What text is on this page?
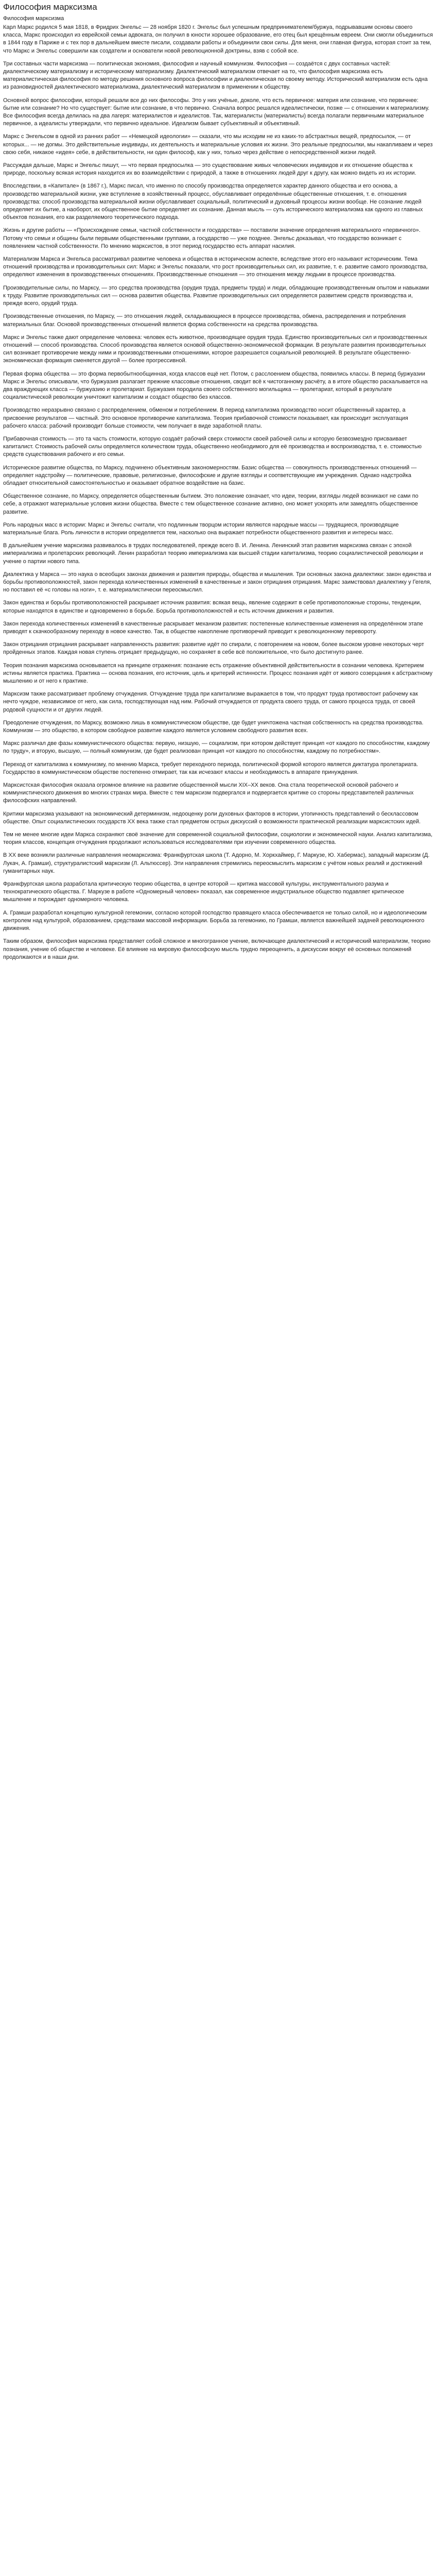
Философия марксизма
Философия марксизма

Карл Маркс родился 5 мая 1818, в Фридрих Энгельс — 28 ноября 1820 г. Энгельс был успешным предпринимателем/буржуа, подрывавшим основы своего класса, Маркс происходил из еврейской семьи адвоката, он получил в юности хорошее образование, его отец был крещённым евреем. Они смогли объединиться в 1844 году в Париже и с тех пор в дальнейшем вместе писали, создавали работы и объединили свои силы. Для меня, они главная фигура, которая стоит за тем, что Маркс и Энгельс совершили как создатели и основатели новой революционной доктрины, взяв с собой все.

Три составных части марксизма — политическая экономия, философия и научный коммунизм. Философия — создаётся с двух составных частей: диалектическому материализму и историческому материализму. Диалектический материализм отвечает на то, что философия марксизма есть материалистическая философия по методу решения основного вопроса философии и диалектическая по своему методу. Исторический материализм есть одна из разновидностей диалектического материализма, диалектический материализм в применении к обществу.

Основной вопрос философии, который решали все до них философы. Это у них учёные, доколе, что есть первичное: материя или сознание, что первичнее: бытие или сознание? Но что существует: бытие или сознание, в что первично. Сначала вопрос решался идеалистически, позже — с отношении к материализму. Все философия всегда делилась на два лагеря: материалистов и идеалистов. Так, материалисты (материалисты) всегда полагали первичными материальное первичное, а идеалисты утверждали, что первично идеальное. Идеализм бывает субъективный и объективный.

Маркс с Энгельсом в одной из ранних работ — «Немецкой идеологии» — сказали, что мы исходим не из каких-то абстрактных вещей, предпосылок, — от которых... — не догмы. Это действительные индивиды, их деятельность и материальные условия их жизни. Это реальные предпосылки, мы накапливаем и через свою себя, никакое «идея» себе, в действительности, ни один философ, как у них, только через действие о непосредственной жизни людей.

Рассуждая дальше, Маркс и Энгельс пишут, — что первая предпосылка — это существование живых человеческих индивидов и их отношение общества к природе, поскольку всякая история находится их во взаимодействии с природой, а также в отношениях людей друг к другу, как можно видеть из их истории.

Впоследствии, в «Капитале» (в 1867 г.), Маркс писал, что именно по способу производства определяется характер данного общества и его основа, а производство материальной жизни, уже вступление в хозяйственный процесс, обуславливает определённые общественные отношения, т. е. отношения производства: способ производства материальной жизни обуславливает социальный, политический и духовный процессы жизни вообще. Не сознание людей определяет их бытие, а наоборот, их общественное бытие определяет их сознание. Данная мысль — суть исторического материализма как одного из главных объектов познания, его как разделяемого теоретического подхода.

Жизнь и другие работы — «Происхождение семьи, частной собственности и государства» — поставили значение определения материального «первичного». Потому что семьи и общины были первыми общественными группами, а государство — уже позднее. Энгельс доказывал, что государство возникает с появлением частной собственности. По мнению марксистов, в этот период государство есть аппарат насилия.

Материализм Маркса и Энгельса рассматривал развитие человека и общества в историческом аспекте, вследствие этого его называют историческим. Тема отношений производства и производительных сил: Маркс и Энгельс показали, что рост производительных сил, их развитие, т. е. развитие самого производства, определяют изменения в производственных отношениях. Производственные отношения — это отношения между людьми в процессе производства.

Производительные силы, по Марксу, — это средства производства (орудия труда, предметы труда) и люди, обладающие производственным опытом и навыками к труду. Развитие производительных сил — основа развития общества. Развитие производительных сил определяется развитием средств производства и, прежде всего, орудий труда.

Производственные отношения, по Марксу, — это отношения людей, складывающиеся в процессе производства, обмена, распределения и потребления материальных благ. Основой производственных отношений является форма собственности на средства производства.

Маркс и Энгельс также дают определение человека: человек есть животное, производящее орудия труда. Единство производительных сил и производственных отношений — способ производства. Способ производства является основой общественно-экономической формации. В результате развития производительных сил возникает противоречие между ними и производственными отношениями, которое разрешается социальной революцией. В результате общественно-экономическая формация сменяется другой — более прогрессивной.

Первая форма общества — это форма первобытнообщинная, когда классов ещё нет. Потом, с расслоением общества, появились классы. В период буржуазии Маркс и Энгельс описывали, что буржуазия разлагает прежние классовые отношения, сводит всё к чистоганному расчёту, а в итоге общество раскалывается на два враждующих класса — буржуазию и пролетариат. Буржуазия породила своего собственного могильщика — пролетариат, который в результате социалистической революции уничтожит капитализм и создаст общество без классов.

Производство неразрывно связано с распределением, обменом и потреблением. В период капитализма производство носит общественный характер, а присвоение результатов — частный. Это основное противоречие капитализма. Теория прибавочной стоимости показывает, как происходит эксплуатация рабочего класса: рабочий производит больше стоимости, чем получает в виде заработной платы.

Прибавочная стоимость — это та часть стоимости, которую создаёт рабочий сверх стоимости своей рабочей силы и которую безвозмездно присваивает капиталист. Стоимость рабочей силы определяется количеством труда, общественно необходимого для её производства и воспроизводства, т. е. стоимостью средств существования рабочего и его семьи.

Историческое развитие общества, по Марксу, подчинено объективным закономерностям. Базис общества — совокупность производственных отношений — определяет надстройку — политические, правовые, религиозные, философские и другие взгляды и соответствующие им учреждения. Однако надстройка обладает относительной самостоятельностью и оказывает обратное воздействие на базис.

Общественное сознание, по Марксу, определяется общественным бытием. Это положение означает, что идеи, теории, взгляды людей возникают не сами по себе, а отражают материальные условия жизни общества. Вместе с тем общественное сознание активно, оно может ускорять или замедлять общественное развитие.

Роль народных масс в истории: Маркс и Энгельс считали, что подлинным творцом истории являются народные массы — трудящиеся, производящие материальные блага. Роль личности в истории определяется тем, насколько она выражает потребности общественного развития и интересы масс.

В дальнейшем учение марксизма развивалось в трудах последователей, прежде всего В. И. Ленина. Ленинский этап развития марксизма связан с эпохой империализма и пролетарских революций. Ленин разработал теорию империализма как высшей стадии капитализма, теорию социалистической революции и учение о партии нового типа.

Диалектика у Маркса — это наука о всеобщих законах движения и развития природы, общества и мышления. Три основных закона диалектики: закон единства и борьбы противоположностей, закон перехода количественных изменений в качественные и закон отрицания отрицания. Маркс заимствовал диалектику у Гегеля, но поставил её «с головы на ноги», т. е. материалистически переосмыслил.

Закон единства и борьбы противоположностей раскрывает источник развития: всякая вещь, явление содержит в себе противоположные стороны, тенденции, которые находятся в единстве и одновременно в борьбе. Борьба противоположностей и есть источник движения и развития.

Закон перехода количественных изменений в качественные раскрывает механизм развития: постепенные количественные изменения на определённом этапе приводят к скачкообразному переходу в новое качество. Так, в обществе накопление противоречий приводит к революционному перевороту.

Закон отрицания отрицания раскрывает направленность развития: развитие идёт по спирали, с повторением на новом, более высоком уровне некоторых черт пройденных этапов. Каждая новая ступень отрицает предыдущую, но сохраняет в себе всё положительное, что было достигнуто ранее.

Теория познания марксизма основывается на принципе отражения: познание есть отражение объективной действительности в сознании человека. Критерием истины является практика. Практика — основа познания, его источник, цель и критерий истинности. Процесс познания идёт от живого созерцания к абстрактному мышлению и от него к практике.

Марксизм также рассматривает проблему отчуждения. Отчуждение труда при капитализме выражается в том, что продукт труда противостоит рабочему как нечто чуждое, независимое от него, как сила, господствующая над ним. Рабочий отчуждается от продукта своего труда, от самого процесса труда, от своей родовой сущности и от других людей.

Преодоление отчуждения, по Марксу, возможно лишь в коммунистическом обществе, где будет уничтожена частная собственность на средства производства. Коммунизм — это общество, в котором свободное развитие каждого является условием свободного развития всех.

Маркс различал две фазы коммунистического общества: первую, низшую, — социализм, при котором действует принцип «от каждого по способностям, каждому по труду», и вторую, высшую, — полный коммунизм, где будет реализован принцип «от каждого по способностям, каждому по потребностям».

Переход от капитализма к коммунизму, по мнению Маркса, требует переходного периода, политической формой которого является диктатура пролетариата. Государство в коммунистическом обществе постепенно отмирает, так как исчезают классы и необходимость в аппарате принуждения.

Марксистская философия оказала огромное влияние на развитие общественной мысли XIX–XX веков. Она стала теоретической основой рабочего и коммунистического движения во многих странах мира. Вместе с тем марксизм подвергался и подвергается критике со стороны представителей различных философских направлений.

Критики марксизма указывают на экономический детерминизм, недооценку роли духовных факторов в истории, утопичность представлений о бесклассовом обществе. Опыт социалистических государств XX века также стал предметом острых дискуссий о возможности практической реализации марксистских идей.

Тем не менее многие идеи Маркса сохраняют своё значение для современной социальной философии, социологии и экономической науки. Анализ капитализма, теория классов, концепция отчуждения продолжают использоваться исследователями при изучении современного общества.

В XX веке возникли различные направления неомарксизма: Франкфуртская школа (Т. Адорно, М. Хоркхаймер, Г. Маркузе, Ю. Хабермас), западный марксизм (Д. Лукач, А. Грамши), структуралистский марксизм (Л. Альтюссер). Эти направления стремились переосмыслить марксизм с учётом новых реалий и достижений гуманитарных наук.

Франкфуртская школа разработала критическую теорию общества, в центре которой — критика массовой культуры, инструментального разума и технократического общества. Г. Маркузе в работе «Одномерный человек» показал, как современное индустриальное общество подавляет критическое мышление и порождает одномерного человека.

А. Грамши разработал концепцию культурной гегемонии, согласно которой господство правящего класса обеспечивается не только силой, но и идеологическим контролем над культурой, образованием, средствами массовой информации. Борьба за гегемонию, по Грамши, является важнейшей задачей революционного движения.

Таким образом, философия марксизма представляет собой сложное и многогранное учение, включающее диалектический и исторический материализм, теорию познания, учение об обществе и человеке. Её влияние на мировую философскую мысль трудно переоценить, а дискуссии вокруг её основных положений продолжаются и в наши дни.
